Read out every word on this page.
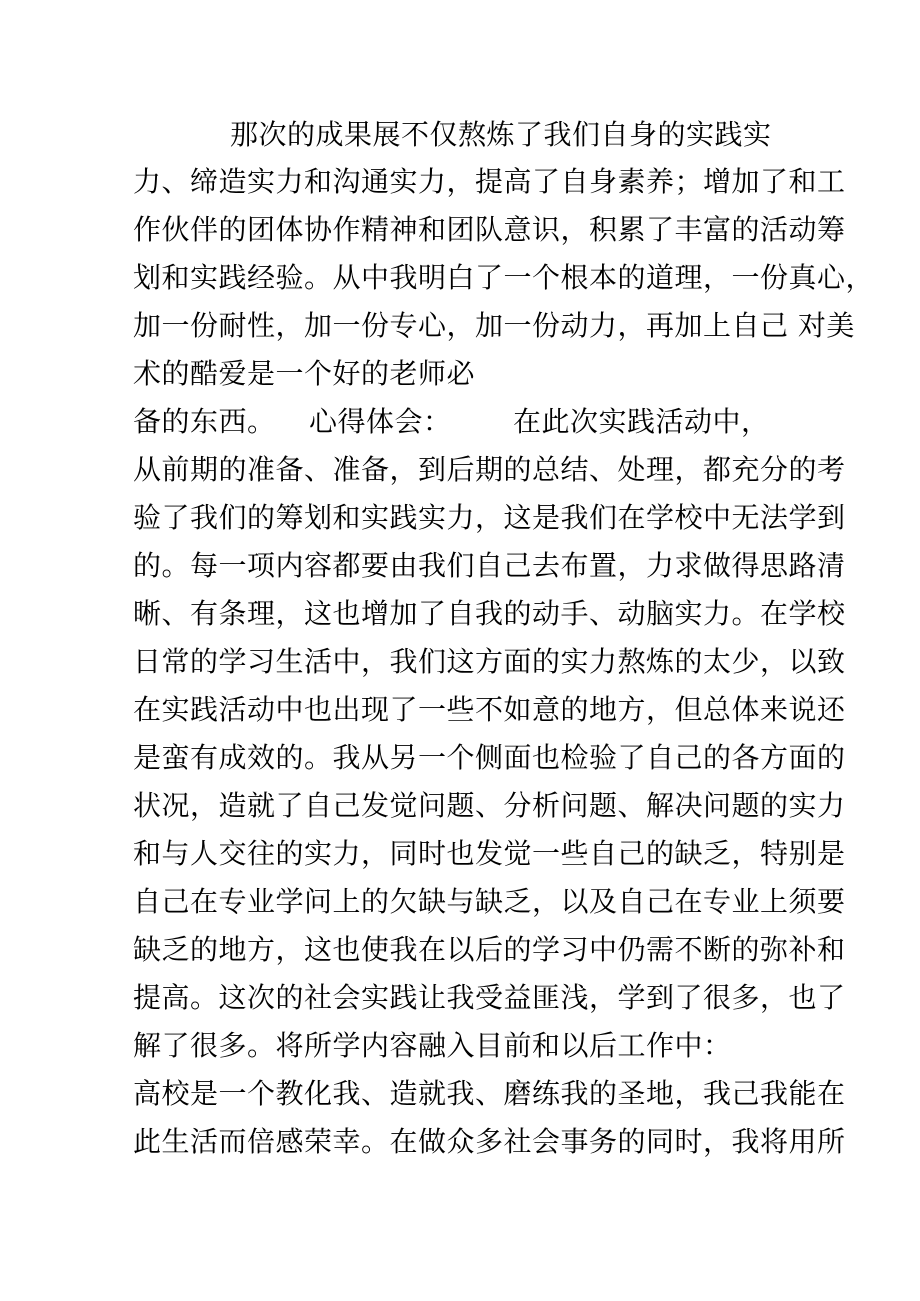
那次的成果展不仅熬炼了我们自身的实践实
力、缔造实力和沟通实力，提高了自身素养；增加了和工
作伙伴的团体协作精神和团队意识，积累了丰富的活动筹
划和实践经验。从中我明白了一个根本的道理，一份真心，
加一份耐性，加一份专心，加一份动力，再加上自己 对美
术的酷爱是一个好的老师必
备的东西。 心得体会： 在此次实践活动中，
从前期的准备、准备，到后期的总结、处理，都充分的考
验了我们的筹划和实践实力，这是我们在学校中无法学到
的。每一项内容都要由我们自己去布置，力求做得思路清
晰、有条理，这也增加了自我的动手、动脑实力。在学校
日常的学习生活中，我们这方面的实力熬炼的太少，以致
在实践活动中也出现了一些不如意的地方，但总体来说还
是蛮有成效的。我从另一个侧面也检验了自己的各方面的
状况，造就了自己发觉问题、分析问题、解决问题的实力
和与人交往的实力，同时也发觉一些自己的缺乏，特别是
自己在专业学问上的欠缺与缺乏，以及自己在专业上须要
缺乏的地方，这也使我在以后的学习中仍需不断的弥补和
提高。这次的社会实践让我受益匪浅，学到了很多，也了
解了很多。将所学内容融入目前和以后工作中：
高校是一个教化我、造就我、磨练我的圣地，我己我能在
此生活而倍感荣幸。在做众多社会事务的同时，我将用所
